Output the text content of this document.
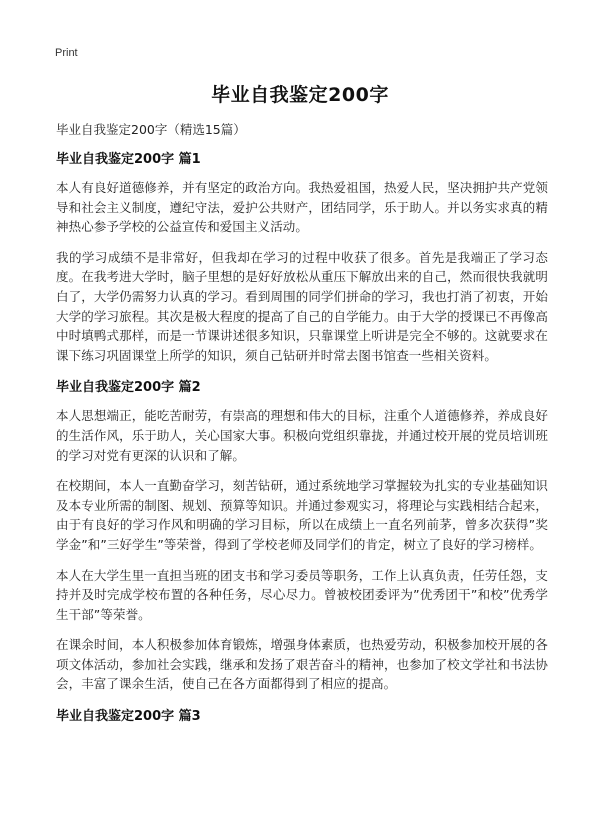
Print
毕业自我鉴定200字
毕业自我鉴定200字（精选15篇）
毕业自我鉴定200字 篇1

本人有良好道德修养，并有坚定的政治方向。我热爱祖国，热爱人民，坚决拥护共产党领导和社会主义制度，遵纪守法，爱护公共财产，团结同学，乐于助人。并以务实求真的精神热心参予学校的公益宣传和爱国主义活动。

我的学习成绩不是非常好，但我却在学习的过程中收获了很多。首先是我端正了学习态度。在我考进大学时，脑子里想的是好好放松从重压下解放出来的自己，然而很快我就明白了，大学仍需努力认真的学习。看到周围的同学们拼命的学习，我也打消了初衷，开始大学的学习旅程。其次是极大程度的提高了自己的自学能力。由于大学的授课已不再像高中时填鸭式那样，而是一节课讲述很多知识，只靠课堂上听讲是完全不够的。这就要求在课下练习巩固课堂上所学的知识，须自己钻研并时常去图书馆查一些相关资料。

毕业自我鉴定200字 篇2

本人思想端正，能吃苦耐劳，有崇高的理想和伟大的目标，注重个人道德修养，养成良好的生活作风，乐于助人，关心国家大事。积极向党组织靠拢，并通过校开展的党员培训班的学习对党有更深的认识和了解。

在校期间，本人一直勤奋学习，刻苦钻研，通过系统地学习掌握较为扎实的专业基础知识及本专业所需的制图、规划、预算等知识。并通过参观实习，将理论与实践相结合起来，由于有良好的学习作风和明确的学习目标，所以在成绩上一直名列前茅，曾多次获得”奖学金”和”三好学生”等荣誉，得到了学校老师及同学们的肯定，树立了良好的学习榜样。

本人在大学生里一直担当班的团支书和学习委员等职务，工作上认真负责，任劳任怨，支持并及时完成学校布置的各种任务，尽心尽力。曾被校团委评为”优秀团干”和校”优秀学生干部”等荣誉。

在课余时间，本人积极参加体育锻炼，增强身体素质，也热爱劳动，积极参加校开展的各项文体活动，参加社会实践，继承和发扬了艰苦奋斗的精神，也参加了校文学社和书法协会，丰富了课余生活，使自己在各方面都得到了相应的提高。

毕业自我鉴定200字 篇3
